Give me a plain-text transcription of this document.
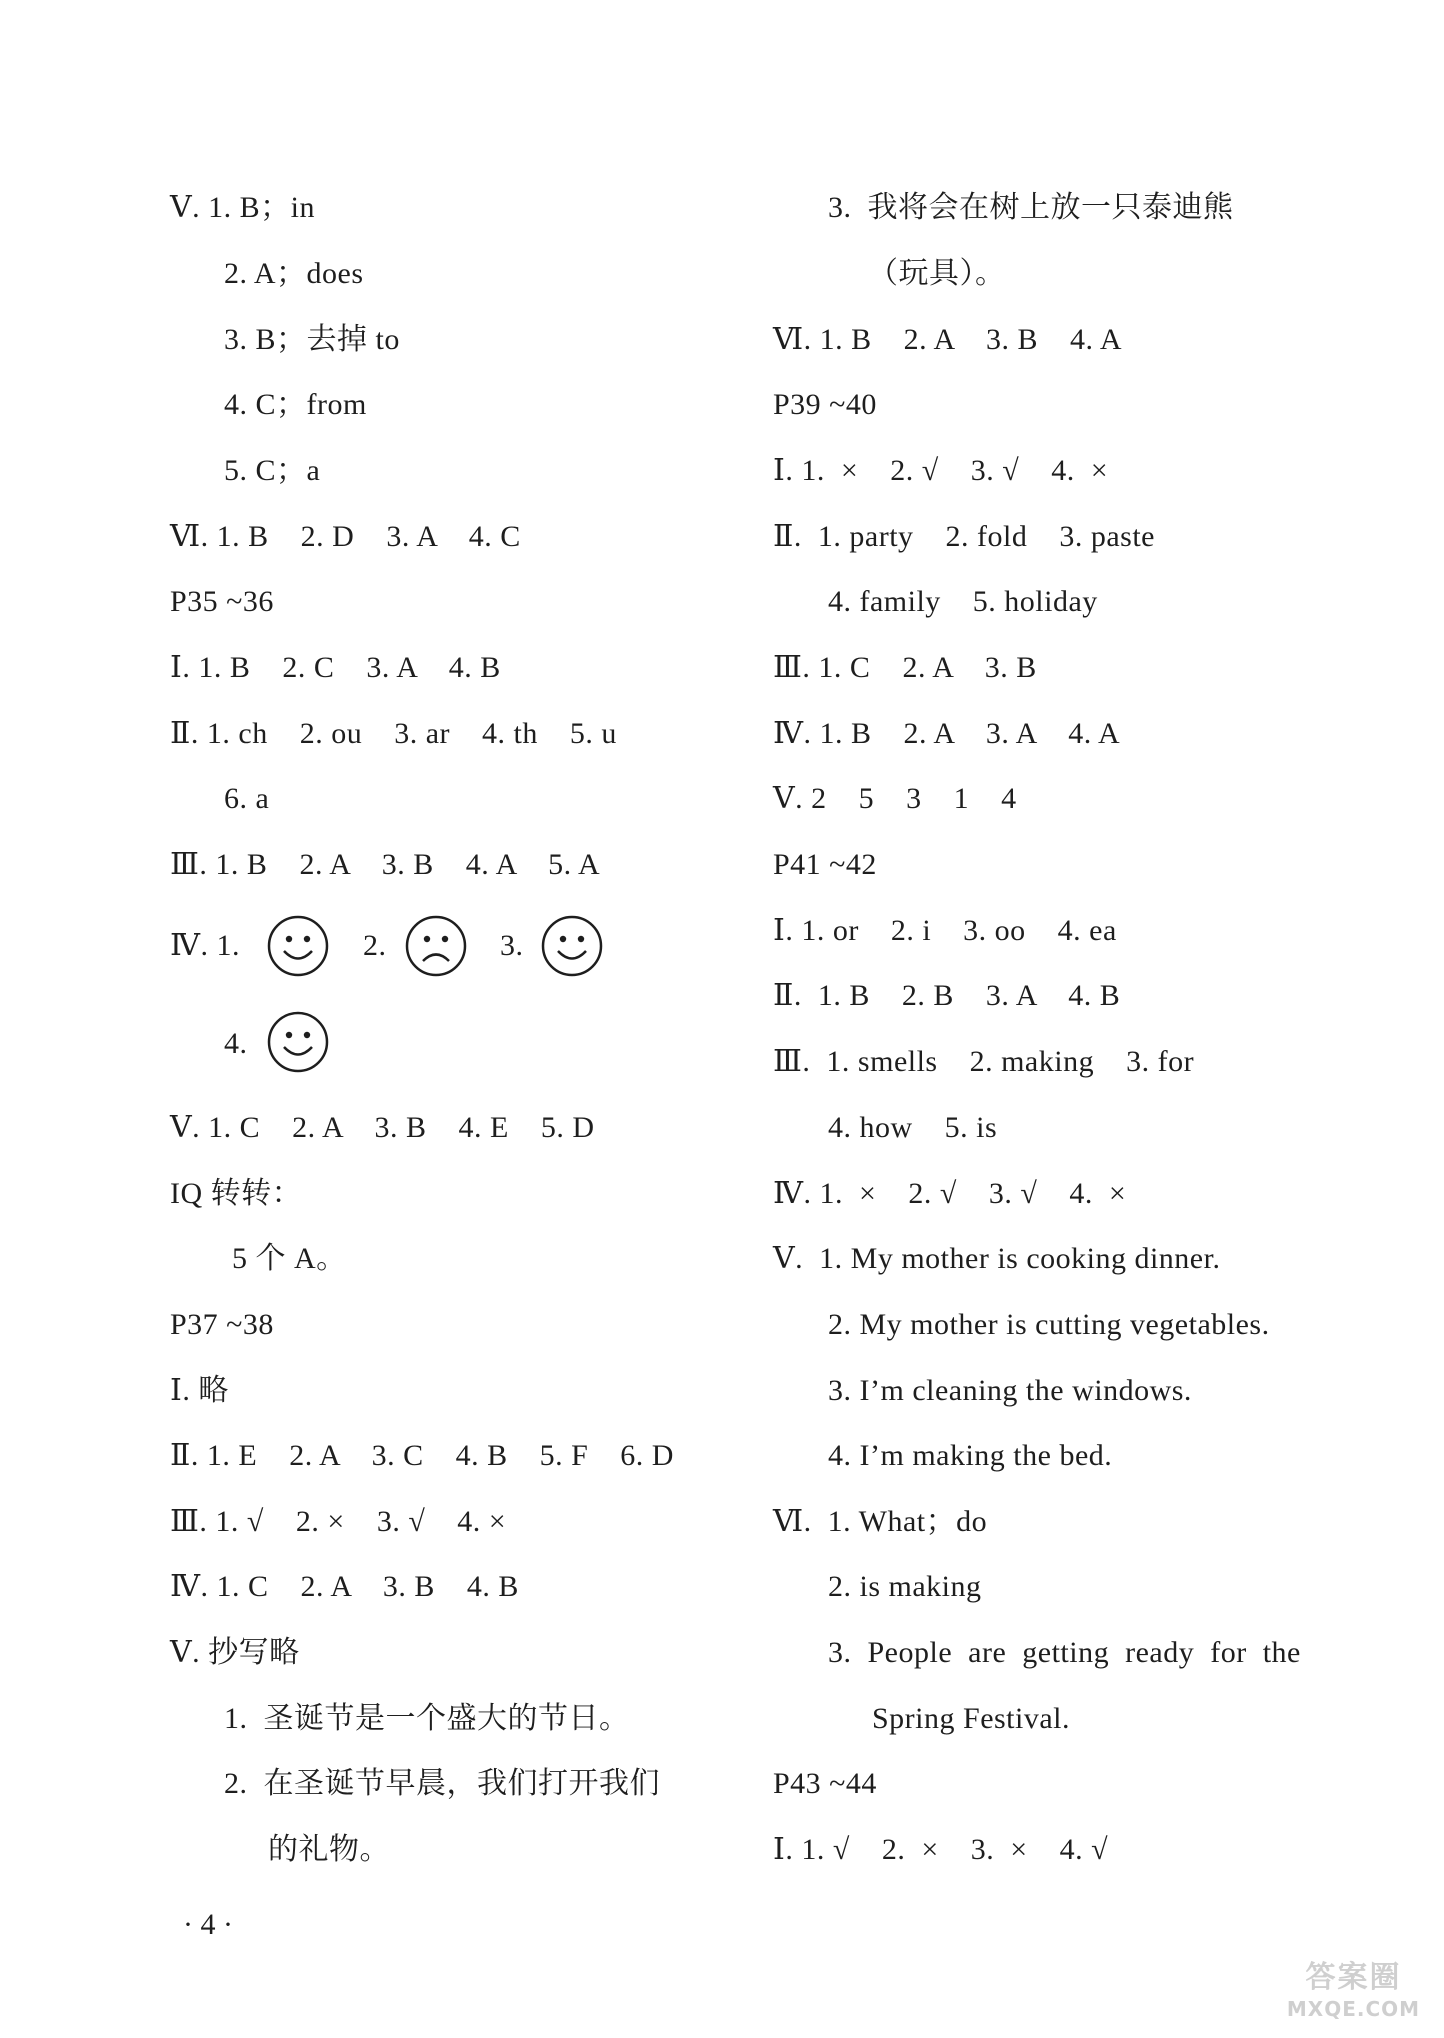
Ⅴ. 1. B；in
2. A；does
3. B；去掉 to
4. C；from
5. C；a
Ⅵ. 1. B    2. D    3. A    4. C
P35 ~36
Ⅰ. 1. B    2. C    3. A    4. B
Ⅱ. 1. ch    2. ou    3. ar    4. th    5. u
6. a
Ⅲ. 1. B    2. A    3. B    4. A    5. A
Ⅳ. 1.	2.	3.
4.
Ⅴ. 1. C    2. A    3. B    4. E    5. D
IQ 转转：
5 个 A。
P37 ~38
Ⅰ. 略
Ⅱ. 1. E    2. A    3. C    4. B    5. F    6. D
Ⅲ. 1. √    2. ×    3. √    4. ×
Ⅳ. 1. C    2. A    3. B    4. B
Ⅴ. 抄写略
1.  圣诞节是一个盛大的节日。
2.  在圣诞节早晨，我们打开我们
的礼物。
3.  我将会在树上放一只泰迪熊
（玩具）。
Ⅵ. 1. B    2. A    3. B    4. A
P39 ~40
Ⅰ. 1.  ×    2. √    3. √    4.  ×
Ⅱ.  1. party    2. fold    3. paste
4. family    5. holiday
Ⅲ. 1. C    2. A    3. B
Ⅳ. 1. B    2. A    3. A    4. A
Ⅴ. 2    5    3    1    4
P41 ~42
Ⅰ. 1. or    2. i    3. oo    4. ea
Ⅱ.  1. B    2. B    3. A    4. B
Ⅲ.  1. smells    2. making    3. for
4. how    5. is
Ⅳ. 1.  ×    2. √    3. √    4.  ×
Ⅴ.  1. My mother is cooking dinner.
2. My mother is cutting vegetables.
3. I’m cleaning the windows.
4. I’m making the bed.
Ⅵ.  1. What；do
2. is making
3.  People  are  getting  ready  for  the
Spring Festival.
P43 ~44
Ⅰ. 1. √    2.  ×    3.  ×    4. √
· 4 ·
答案圈
MXQE.COM
